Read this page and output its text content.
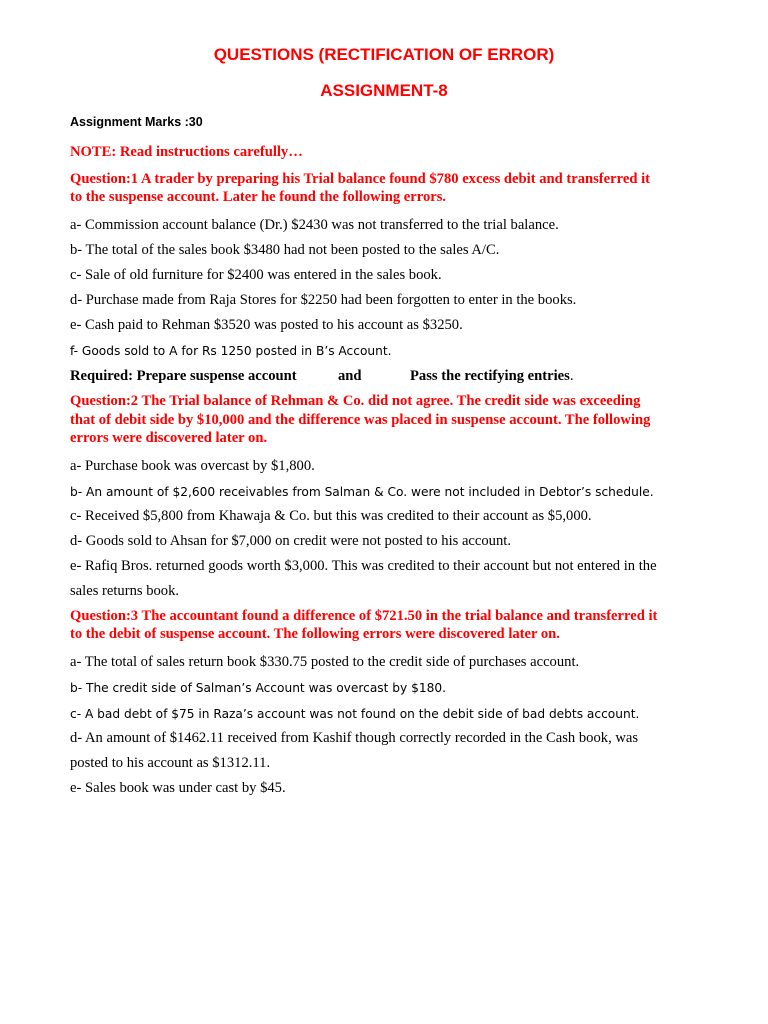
QUESTIONS (RECTIFICATION OF ERROR)
ASSIGNMENT-8
Assignment Marks :30

NOTE: Read instructions carefully…

Question:1 A trader by preparing his Trial balance found $780 excess debit and transferred it

to the suspense account. Later he found the following errors.

a- Commission account balance (Dr.) $2430 was not transferred to the trial balance.

b- The total of the sales book $3480 had not been posted to the sales A/C.

c- Sale of old furniture for $2400 was entered in the sales book.

d- Purchase made from Raja Stores for $2250 had been forgotten to enter in the books.

e- Cash paid to Rehman $3520 was posted to his account as $3250.

f- Goods sold to A for Rs 1250 posted in B’s Account.

Required: Prepare suspense account	and	Pass the rectifying entries.

Question:2 The Trial balance of Rehman & Co. did not agree. The credit side was exceeding

that of debit side by $10,000 and the difference was placed in suspense account. The following

errors were discovered later on.

a- Purchase book was overcast by $1,800.

b- An amount of $2,600 receivables from Salman & Co. were not included in Debtor’s schedule.

c- Received $5,800 from Khawaja & Co. but this was credited to their account as $5,000.

d- Goods sold to Ahsan for $7,000 on credit were not posted to his account.

e- Rafiq Bros. returned goods worth $3,000. This was credited to their account but not entered in the

sales returns book.

Question:3 The accountant found a difference of $721.50 in the trial balance and transferred it

to the debit of suspense account. The following errors were discovered later on.

a- The total of sales return book $330.75 posted to the credit side of purchases account.

b- The credit side of Salman’s Account was overcast by $180.

c- A bad debt of $75 in Raza’s account was not found on the debit side of bad debts account.

d- An amount of $1462.11 received from Kashif though correctly recorded in the Cash book, was

posted to his account as $1312.11.

e- Sales book was under cast by $45.
